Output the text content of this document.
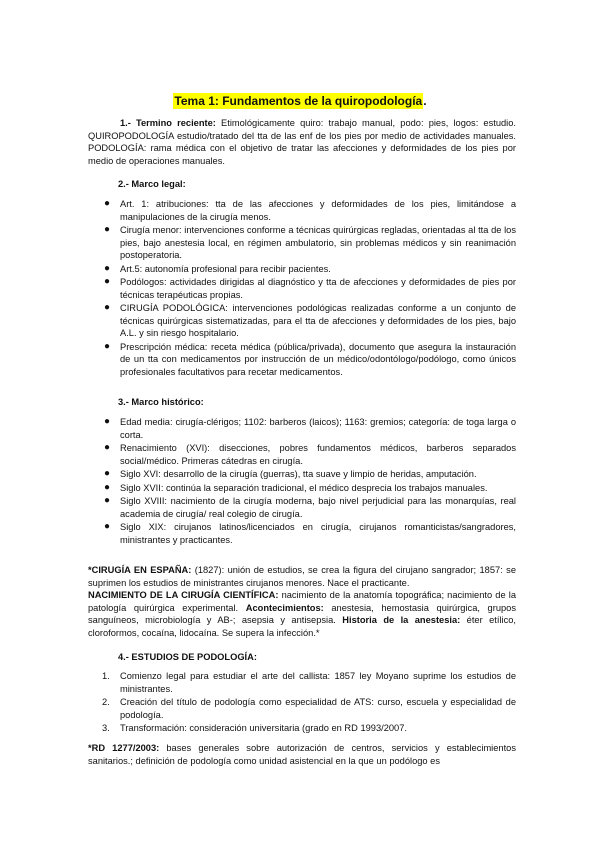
Tema 1: Fundamentos de la quiropodología.

1.- Termino reciente: Etimológicamente quiro: trabajo manual, podo: pies, logos: estudio. QUIROPODOLOGÍA estudio/tratado del tta de las enf de los pies por medio de actividades manuales. PODOLOGÍA: rama médica con el objetivo de tratar las afecciones y deformidades de los pies por medio de operaciones manuales.

2.- Marco legal:

● Art. 1: atribuciones: tta de las afecciones y deformidades de los pies, limitándose a manipulaciones de la cirugía menos.
● Cirugía menor: intervenciones conforme a técnicas quirúrgicas regladas, orientadas al tta de los pies, bajo anestesia local, en régimen ambulatorio, sin problemas médicos y sin reanimación postoperatoria.
● Art.5: autonomía profesional para recibir pacientes.
● Podólogos: actividades dirigidas al diagnóstico y tta de afecciones y deformidades de pies por técnicas terapéuticas propias.
● CIRUGÍA PODOLÓGICA: intervenciones podológicas realizadas conforme a un conjunto de técnicas quirúrgicas sistematizadas, para el tta de afecciones y deformidades de los pies, bajo A.L. y sin riesgo hospitalario.
● Prescripción médica: receta médica (pública/privada), documento que asegura la instauración de un tta con medicamentos por instrucción de un médico/odontólogo/podólogo, como únicos profesionales facultativos para recetar medicamentos.

3.- Marco histórico:

● Edad media: cirugía-clérigos; 1102: barberos (laicos); 1163: gremios; categoría: de toga larga o corta.
● Renacimiento (XVI): disecciones, pobres fundamentos médicos, barberos separados social/médico. Primeras cátedras en cirugía.
● Siglo XVI: desarrollo de la cirugía (guerras), tta suave y limpio de heridas, amputación.
● Siglo XVII: continúa la separación tradicional, el médico desprecia los trabajos manuales.
● Siglo XVIII: nacimiento de la cirugía moderna, bajo nivel perjudicial para las monarquías, real academia de cirugía/ real colegio de cirugía.
● Siglo XIX: cirujanos latinos/licenciados en cirugía, cirujanos romanticistas/sangradores, ministrantes y practicantes.

*CIRUGÍA EN ESPAÑA: (1827): unión de estudios, se crea la figura del cirujano sangrador; 1857: se suprimen los estudios de ministrantes cirujanos menores. Nace el practicante.
NACIMIENTO DE LA CIRUGÍA CIENTÍFICA: nacimiento de la anatomía topográfica; nacimiento de la patología quirúrgica experimental. Acontecimientos: anestesia, hemostasia quirúrgica, grupos sanguíneos, microbiología y AB-; asepsia y antisepsia. Historia de la anestesia: éter etílico, cloroformos, cocaína, lidocaína. Se supera la infección.*

4.- ESTUDIOS DE PODOLOGÍA:

1. Comienzo legal para estudiar el arte del callista: 1857 ley Moyano suprime los estudios de ministrantes.
2. Creación del título de podología como especialidad de ATS: curso, escuela y especialidad de podología.
3. Transformación: consideración universitaria (grado en RD 1993/2007.

*RD 1277/2003: bases generales sobre autorización de centros, servicios y establecimientos sanitarios.; definición de podología como unidad asistencial en la que un podólogo es
